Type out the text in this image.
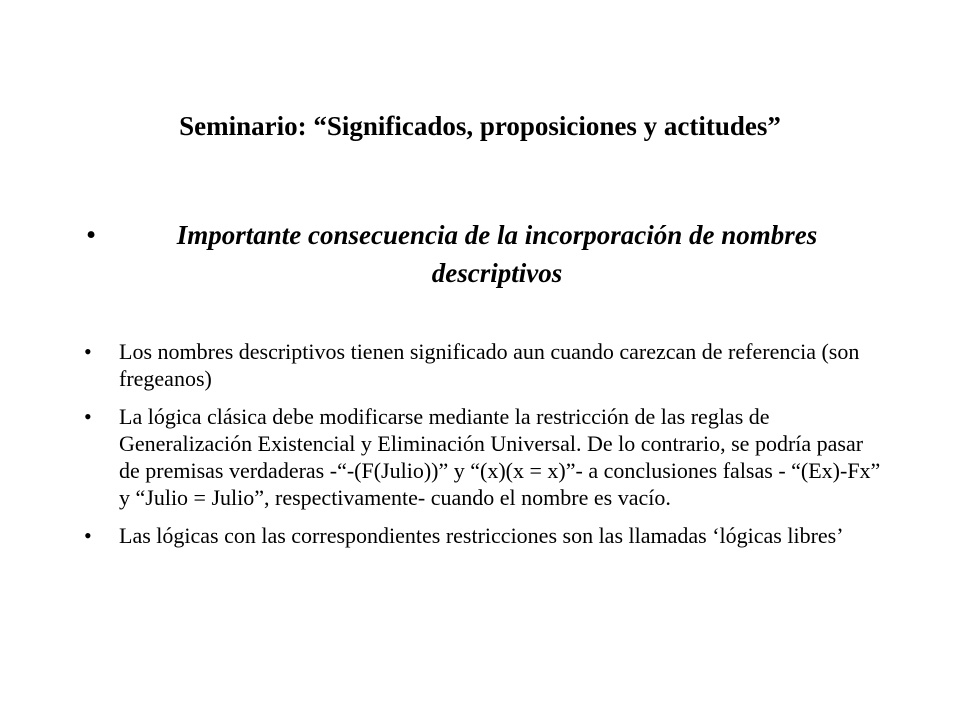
Seminario: “Significados, proposiciones y actitudes”
•	Importante consecuencia de la incorporación de nombres descriptivos
• Los nombres descriptivos tienen significado aun cuando carezcan de referencia (son fregeanos)
• La lógica clásica debe modificarse mediante la restricción de las reglas de Generalización Existencial y Eliminación Universal. De lo contrario, se podría pasar de premisas verdaderas -“-(F(Julio))” y “(x)(x = x)”- a conclusiones falsas - “(Ex)-Fx” y “Julio = Julio”, respectivamente- cuando el nombre es vacío.
• Las lógicas con las correspondientes restricciones son las llamadas ‘lógicas libres’
